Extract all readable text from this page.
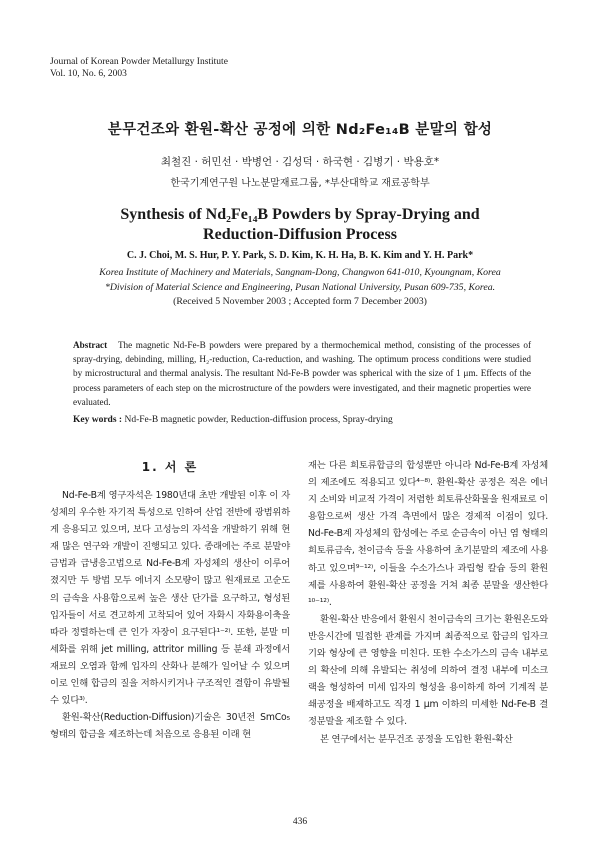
Journal of Korean Powder Metallurgy Institute
Vol. 10, No. 6, 2003
분무건조와 환원-확산 공정에 의한 Nd₂Fe₁₄B 분말의 합성
최철진 · 허민선 · 박병언 · 김성덕 · 하국현 · 김병기 · 박용호*
한국기계연구원 나노분말재료그룹, *부산대학교 재료공학부
Synthesis of Nd₂Fe₁₄B Powders by Spray-Drying and
Reduction-Diffusion Process
C. J. Choi, M. S. Hur, P. Y. Park, S. D. Kim, K. H. Ha, B. K. Kim and Y. H. Park*
Korea Institute of Machinery and Materials, Sangnam-Dong, Changwon 641-010, Kyoungnam, Korea
*Division of Material Science and Engineering, Pusan National University, Pusan 609-735, Korea.
(Received 5 November 2003 ; Accepted form 7 December 2003)
Abstract The magnetic Nd-Fe-B powders were prepared by a thermochemical method, consisting of the processes of spray-drying, debinding, milling, H₂-reduction, Ca-reduction, and washing. The optimum process conditions were studied by microstructural and thermal analysis. The resultant Nd-Fe-B powder was spherical with the size of 1 μm. Effects of the process parameters of each step on the microstructure of the powders were investigated, and their magnetic properties were evaluated.
Key words : Nd-Fe-B magnetic powder, Reduction-diffusion process, Spray-drying
1. 서 론

Nd-Fe-B계 영구자석은 1980년대 초반 개발된 이후 이 자성체의 우수한 자기적 특성으로 인하여 산업 전반에 광범위하게 응용되고 있으며, 보다 고성능의 자석을 개발하기 위해 현재 많은 연구와 개발이 진행되고 있다. 종래에는 주로 분말야금법과 급냉응고법으로 Nd-Fe-B계 자성체의 생산이 이루어졌지만 두 방법 모두 에너지 소모량이 많고 원재료로 고순도의 금속을 사용함으로써 높은 생산 단가를 요구하고, 형성된 입자들이 서로 견고하게 고착되어 있어 자화시 자화용이축을 따라 정렬하는데 큰 인가 자장이 요구된다¹⁻²⁾. 또한, 분말 미세화를 위해 jet milling, attritor milling 등 분쇄 과정에서 재료의 오염과 함께 입자의 산화나 분해가 일어날 수 있으며 이로 인해 합금의 질을 저하시키거나 구조적인 결함이 유발될 수 있다³⁾.

환원-확산(Reduction-Diffusion)기술은 30년전 SmCo₅ 형태의 합금을 제조하는데 처음으로 응용된 이래 현

재는 다른 희토류합금의 합성뿐만 아니라 Nd-Fe-B계 자성체의 제조에도 적용되고 있다⁴⁻⁸⁾. 환원-확산 공정은 적은 에너지 소비와 비교적 가격이 저렴한 희토류산화물을 원재료로 이용함으로써 생산 가격 측면에서 많은 경제적 이점이 있다. Nd-Fe-B계 자성체의 합성에는 주로 순금속이 아닌 염 형태의 희토류금속, 천이금속 등을 사용하여 초기분말의 제조에 사용하고 있으며⁹⁻¹²⁾, 이들을 수소가스나 과립형 칼슘 등의 환원제를 사용하여 환원-확산 공정을 거쳐 최종 분말을 생산한다¹⁰⁻¹²⁾.

환원-확산 반응에서 환원시 천이금속의 크기는 환원온도와 반응시간에 밀접한 관계를 가지며 최종적으로 합금의 입자크기와 형상에 큰 영향을 미친다. 또한 수소가스의 금속 내부로의 확산에 의해 유발되는 취성에 의하여 결정 내부에 미소크랙을 형성하여 미세 입자의 형성을 용이하게 하여 기계적 분쇄공정을 배제하고도 직경 1 μm 이하의 미세한 Nd-Fe-B 결정분말을 제조할 수 있다.

본 연구에서는 분무건조 공정을 도입한 환원-확산

436
